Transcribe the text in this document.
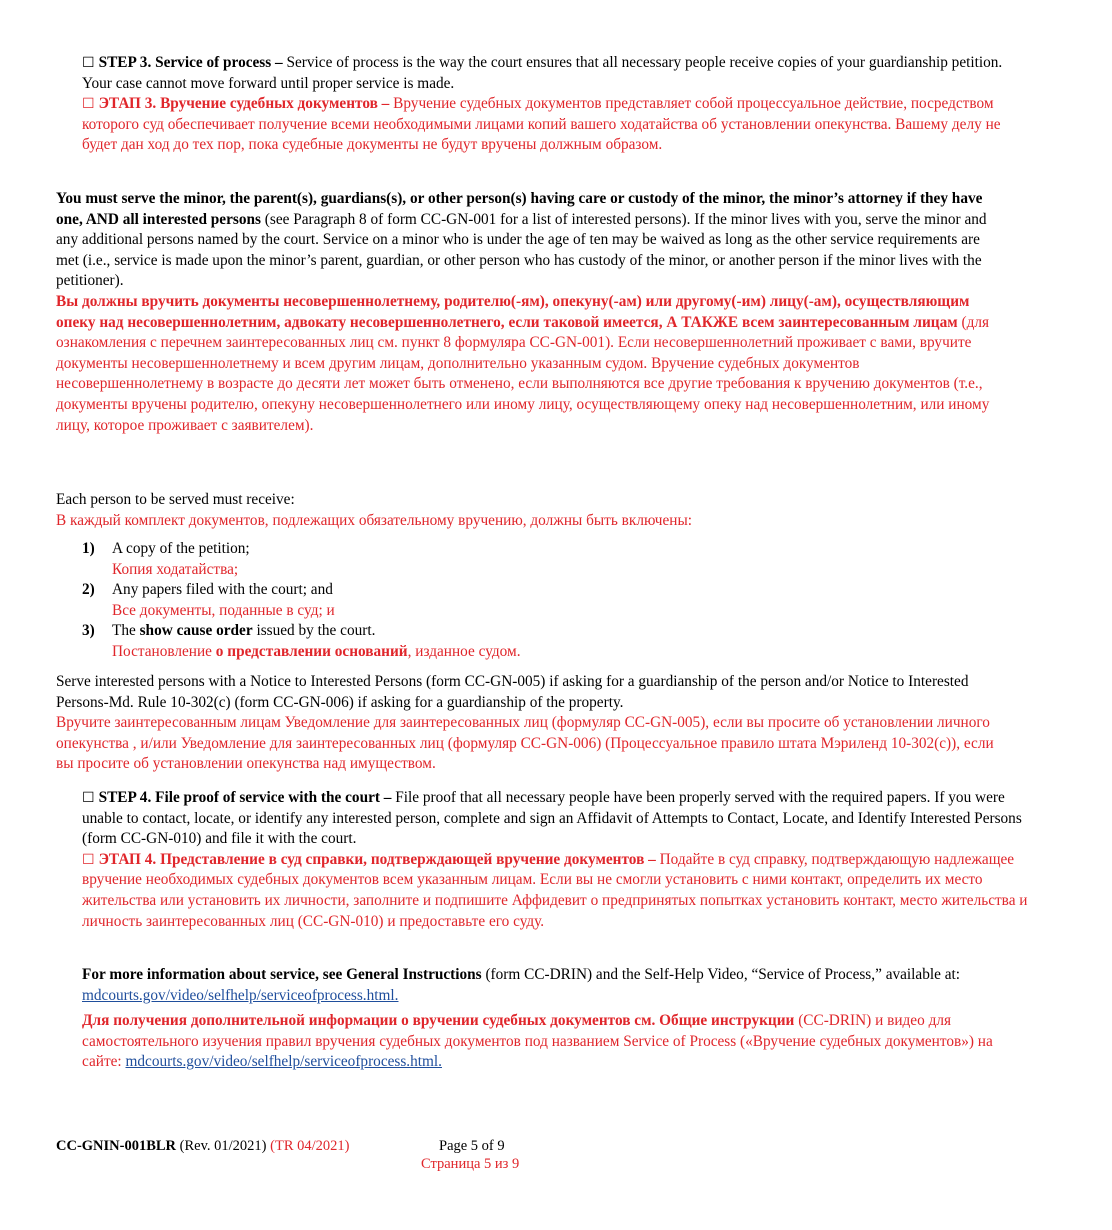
☐ STEP 3. Service of process – Service of process is the way the court ensures that all necessary people receive copies of your guardianship petition. Your case cannot move forward until proper service is made.

☐ ЭТАП 3. Вручение судебных документов – Вручение судебных документов представляет собой процессуальное действие, посредством которого суд обеспечивает получение всеми необходимыми лицами копий вашего ходатайства об установлении опекунства. Вашему делу не будет дан ход до тех пор, пока судебные документы не будут вручены должным образом.

You must serve the minor, the parent(s), guardians(s), or other person(s) having care or custody of the minor, the minor’s attorney if they have one, AND all interested persons (see Paragraph 8 of form CC-GN-001 for a list of interested persons). If the minor lives with you, serve the minor and any additional persons named by the court. Service on a minor who is under the age of ten may be waived as long as the other service requirements are met (i.e., service is made upon the minor’s parent, guardian, or other person who has custody of the minor, or another person if the minor lives with the petitioner).

Вы должны вручить документы несовершеннолетнему, родителю(-ям), опекуну(-ам) или другому(-им) лицу(-ам), осуществляющим опеку над несовершеннолетним, адвокату несовершеннолетнего, если таковой имеется, А ТАКЖЕ всем заинтересованным лицам (для ознакомления с перечнем заинтересованных лиц см. пункт 8 формуляра CC-GN-001). Если несовершеннолетний проживает с вами, вручите документы несовершеннолетнему и всем другим лицам, дополнительно указанным судом. Вручение судебных документов несовершеннолетнему в возрасте до десяти лет может быть отменено, если выполняются все другие требования к вручению документов (т.е., документы вручены родителю, опекуну несовершеннолетнего или иному лицу, осуществляющему опеку над несовершеннолетним, или иному лицу, которое проживает с заявителем).

Each person to be served must receive:

В каждый комплект документов, подлежащих обязательному вручению, должны быть включены:

1) A copy of the petition;

Копия ходатайства;

2) Any papers filed with the court; and

Все документы, поданные в суд; и

3) The show cause order issued by the court.

Постановление о представлении оснований, изданное судом.

Serve interested persons with a Notice to Interested Persons (form CC-GN-005) if asking for a guardianship of the person and/or Notice to Interested Persons-Md. Rule 10-302(c) (form CC-GN-006) if asking for a guardianship of the property.

Вручите заинтересованным лицам Уведомление для заинтересованных лиц (формуляр CC-GN-005), если вы просите об установлении личного опекунства , и/или Уведомление для заинтересованных лиц (формуляр CC-GN-006) (Процессуальное правило штата Мэриленд 10-302(c)), если вы просите об установлении опекунства над имуществом.

☐ STEP 4. File proof of service with the court – File proof that all necessary people have been properly served with the required papers. If you were unable to contact, locate, or identify any interested person, complete and sign an Affidavit of Attempts to Contact, Locate, and Identify Interested Persons (form CC-GN-010) and file it with the court.

☐ ЭТАП 4. Представление в суд справки, подтверждающей вручение документов – Подайте в суд справку, подтверждающую надлежащее вручение необходимых судебных документов всем указанным лицам. Если вы не смогли установить с ними контакт, определить их место жительства или установить их личности, заполните и подпишите Аффидевит о предпринятых попытках установить контакт, место жительства и личность заинтересованных лиц (CC-GN-010) и предоставьте его суду.

For more information about service, see General Instructions (form CC-DRIN) and the Self-Help Video, “Service of Process,” available at: mdcourts.gov/video/selfhelp/serviceofprocess.html.

Для получения дополнительной информации о вручении судебных документов см. Общие инструкции (CC-DRIN) и видео для самостоятельного изучения правил вручения судебных документов под названием Service of Process («Вручение судебных документов») на сайте: mdcourts.gov/video/selfhelp/serviceofprocess.html.

CC-GNIN-001BLR (Rev. 01/2021) (TR 04/2021)	Page 5 of 9
Страница 5 из 9
